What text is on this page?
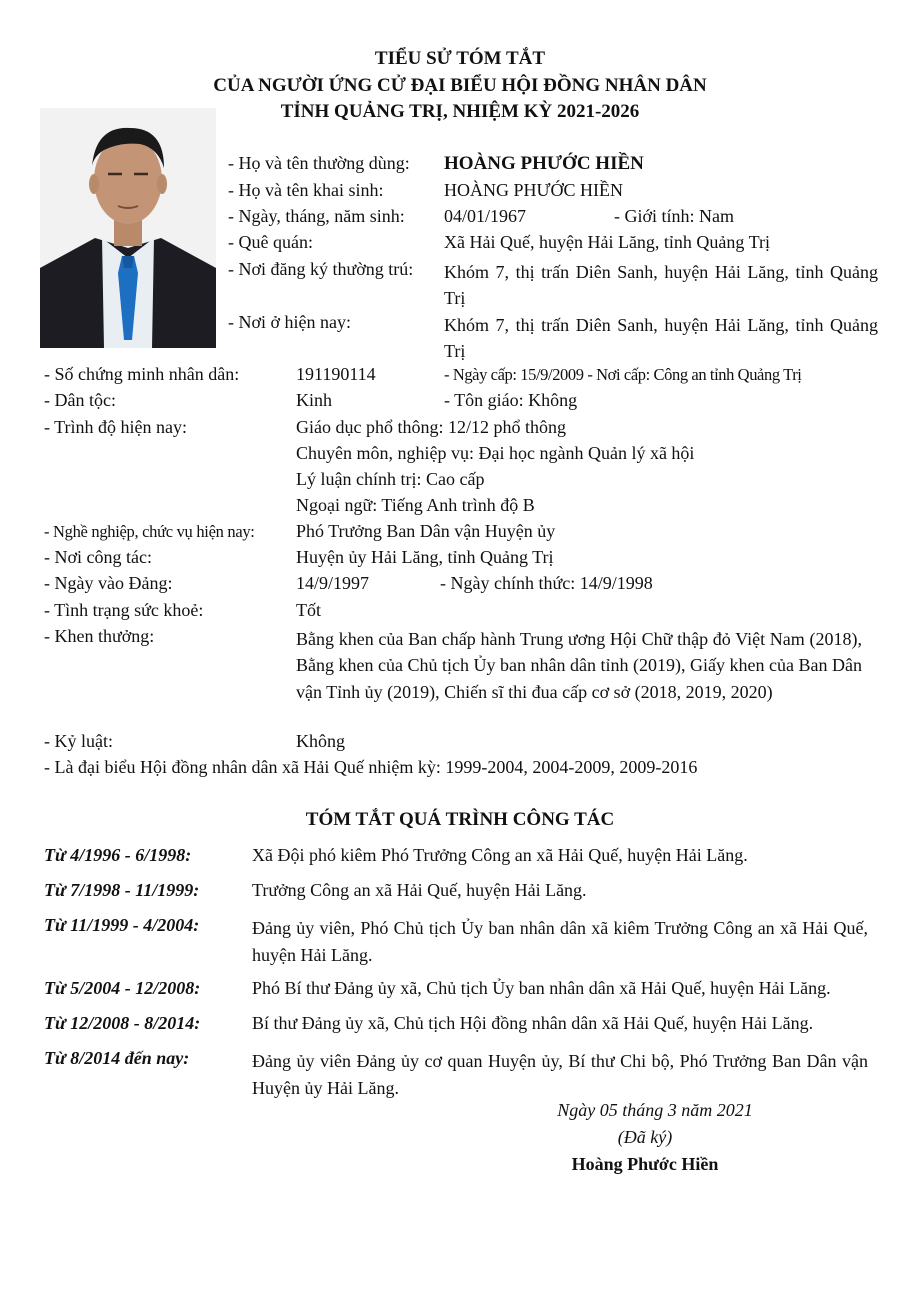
TIỂU SỬ TÓM TẮT
CỦA NGƯỜI ỨNG CỬ ĐẠI BIỂU HỘI ĐỒNG NHÂN DÂN
TỈNH QUẢNG TRỊ, NHIỆM KỲ 2021-2026
- Họ và tên thường dùng: HOÀNG PHƯỚC HIỀN
- Họ và tên khai sinh:	HOÀNG PHƯỚC HIỀN
- Ngày, tháng, năm sinh: 04/01/1967	- Giới tính: Nam
- Quê quán:	Xã Hải Quế, huyện Hải Lăng, tỉnh Quảng Trị
- Nơi đăng ký thường trú: Khóm 7, thị trấn Diên Sanh, huyện Hải Lăng, tỉnh Quảng Trị
- Nơi ở hiện nay:	Khóm 7, thị trấn Diên Sanh, huyện Hải Lăng, tỉnh Quảng Trị
- Số chứng minh nhân dân:	191190114	- Ngày cấp: 15/9/2009 - Nơi cấp: Công an tỉnh Quảng Trị
- Dân tộc:	Kinh	- Tôn giáo: Không
- Trình độ hiện nay:	Giáo dục phổ thông: 12/12 phổ thông
Chuyên môn, nghiệp vụ: Đại học ngành Quản lý xã hội
Lý luận chính trị: Cao cấp
Ngoại ngữ: Tiếng Anh trình độ B
- Nghề nghiệp, chức vụ hiện nay: Phó Trưởng Ban Dân vận Huyện ủy
- Nơi công tác:	Huyện ủy Hải Lăng, tỉnh Quảng Trị
- Ngày vào Đảng:	14/9/1997	- Ngày chính thức: 14/9/1998
- Tình trạng sức khoẻ:	Tốt
- Khen thưởng:	Bằng khen của Ban chấp hành Trung ương Hội Chữ thập đỏ Việt Nam (2018), Bằng khen của Chủ tịch Ủy ban nhân dân tỉnh (2019), Giấy khen của Ban Dân vận Tỉnh ủy (2019), Chiến sĩ thi đua cấp cơ sở (2018, 2019, 2020)
- Kỷ luật:	Không
- Là đại biểu Hội đồng nhân dân xã Hải Quế nhiệm kỳ: 1999-2004, 2004-2009, 2009-2016
TÓM TẮT QUÁ TRÌNH CÔNG TÁC
Từ 4/1996 - 6/1998:	Xã Đội phó kiêm Phó Trưởng Công an xã Hải Quế, huyện Hải Lăng.
Từ 7/1998 - 11/1999:	Trưởng Công an xã Hải Quế, huyện Hải Lăng.
Từ 11/1999 - 4/2004:	Đảng ủy viên, Phó Chủ tịch Ủy ban nhân dân xã kiêm Trưởng Công an xã Hải Quế, huyện Hải Lăng.
Từ 5/2004 - 12/2008:	Phó Bí thư Đảng ủy xã, Chủ tịch Ủy ban nhân dân xã Hải Quế, huyện Hải Lăng.
Từ 12/2008 - 8/2014:	Bí thư Đảng ủy xã, Chủ tịch Hội đồng nhân dân xã Hải Quế, huyện Hải Lăng.
Từ 8/2014 đến nay:	Đảng ủy viên Đảng ủy cơ quan Huyện ủy, Bí thư Chi bộ, Phó Trưởng Ban Dân vận Huyện ủy Hải Lăng.
Ngày 05 tháng 3 năm 2021
(Đã ký)
Hoàng Phước Hiền
